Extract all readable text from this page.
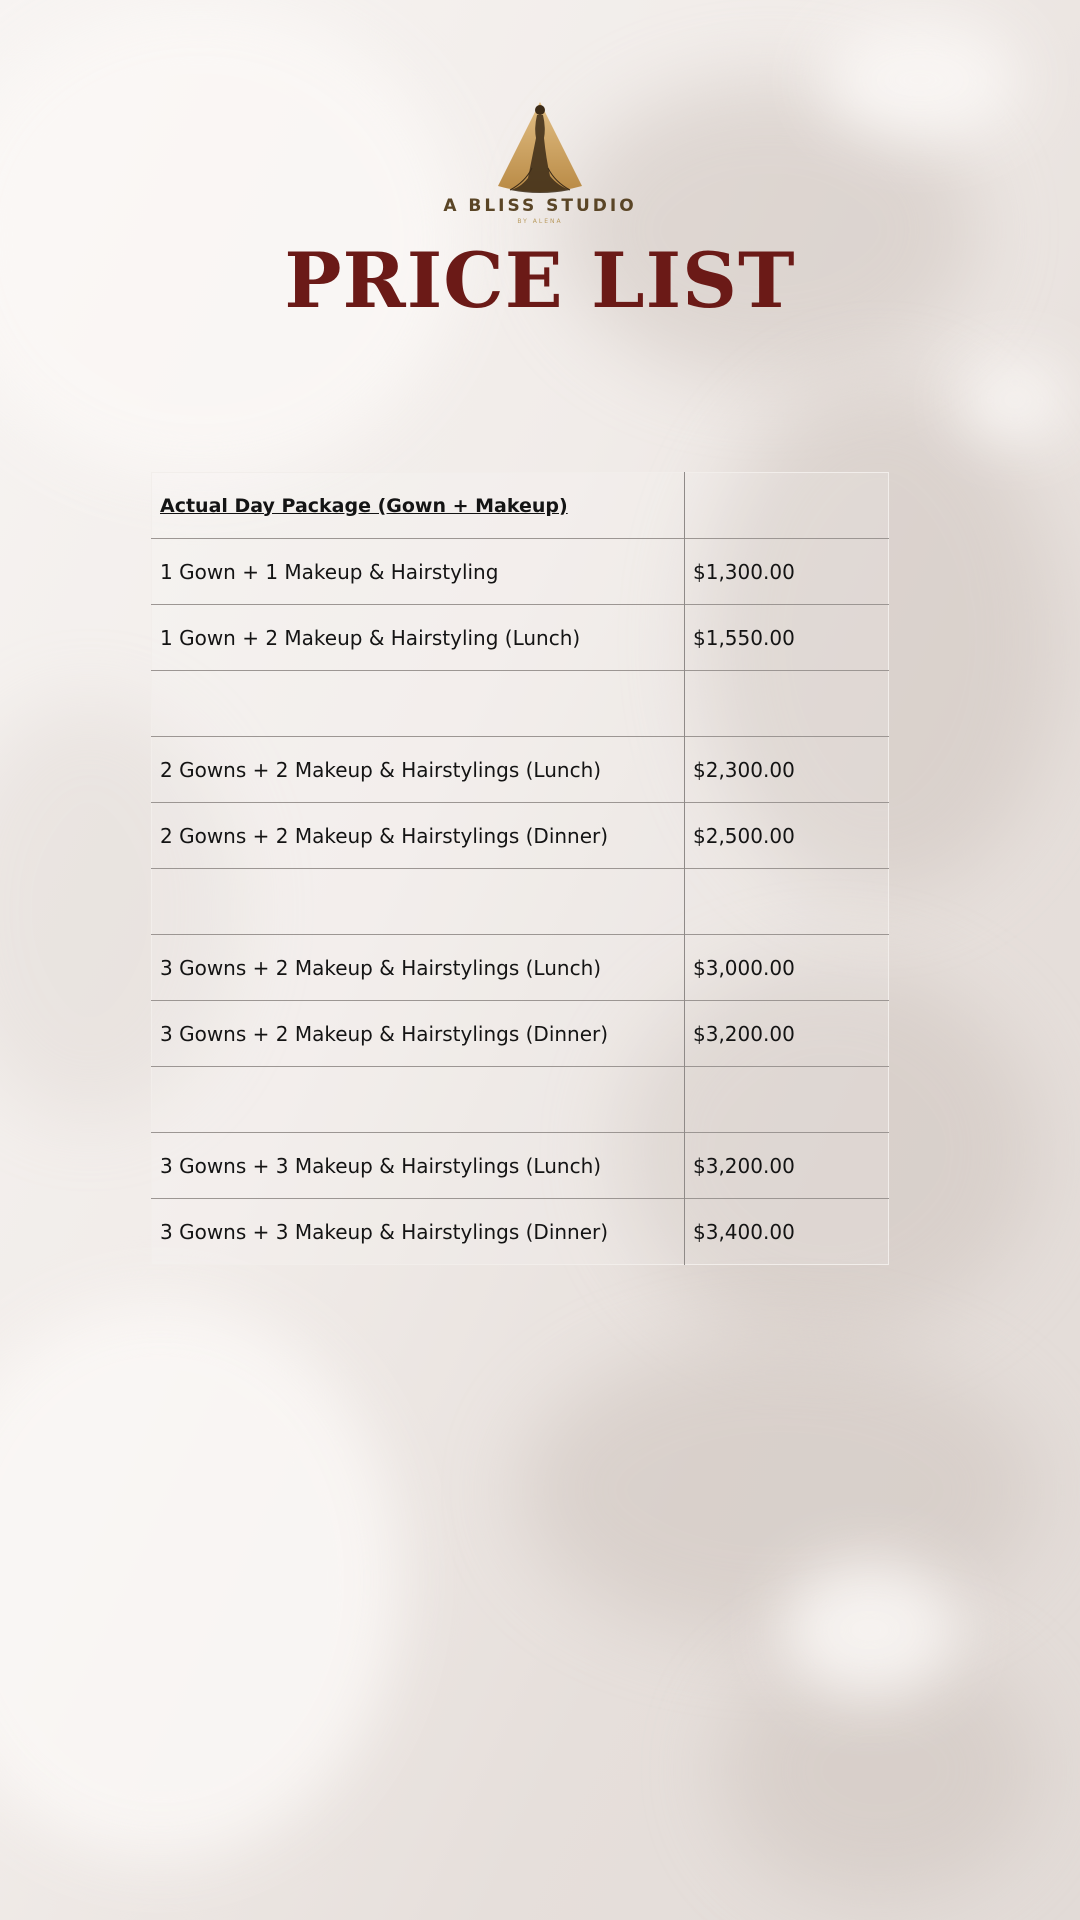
A BLISS STUDIO
BY ALENA
PRICE LIST
Actual Day Package (Gown + Makeup)	
1 Gown + 1 Makeup & Hairstyling	$1,300.00
1 Gown + 2 Makeup & Hairstyling (Lunch)	$1,550.00

2 Gowns + 2 Makeup & Hairstylings (Lunch)	$2,300.00
2 Gowns + 2 Makeup & Hairstylings (Dinner)	$2,500.00

3 Gowns + 2 Makeup & Hairstylings (Lunch)	$3,000.00
3 Gowns + 2 Makeup & Hairstylings (Dinner)	$3,200.00

3 Gowns + 3 Makeup & Hairstylings (Lunch)	$3,200.00
3 Gowns + 3 Makeup & Hairstylings (Dinner)	$3,400.00
